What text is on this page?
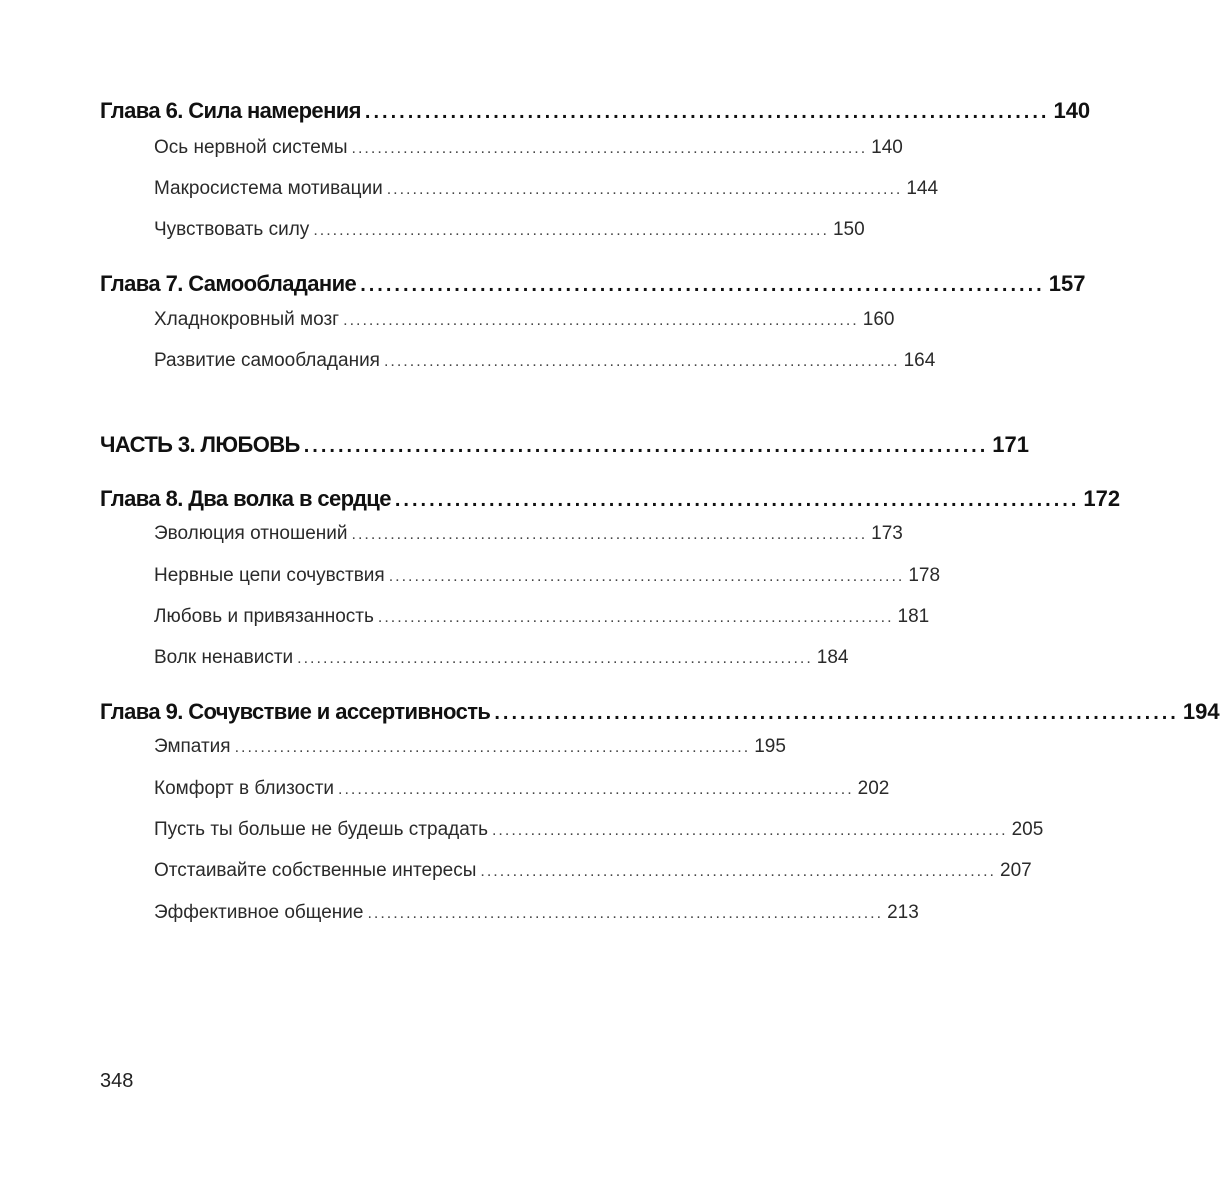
Глава 6. Сила намерения ................................................................................ 140
Ось нервной системы ................................................................................ 140
Макросистема мотивации ................................................................................ 144
Чувствовать силу ................................................................................ 150
Глава 7. Самообладание ................................................................................ 157
Хладнокровный мозг ................................................................................ 160
Развитие самообладания ................................................................................ 164
ЧАСТЬ 3. ЛЮБОВЬ ................................................................................ 171
Глава 8. Два волка в сердце ................................................................................ 172
Эволюция отношений ................................................................................ 173
Нервные цепи сочувствия ................................................................................ 178
Любовь и привязанность ................................................................................ 181
Волк ненависти ................................................................................ 184
Глава 9. Сочувствие и ассертивность ................................................................................ 194
Эмпатия ................................................................................ 195
Комфорт в близости ................................................................................ 202
Пусть ты больше не будешь страдать ................................................................................ 205
Отстаивайте собственные интересы ................................................................................ 207
Эффективное общение ................................................................................ 213
348
